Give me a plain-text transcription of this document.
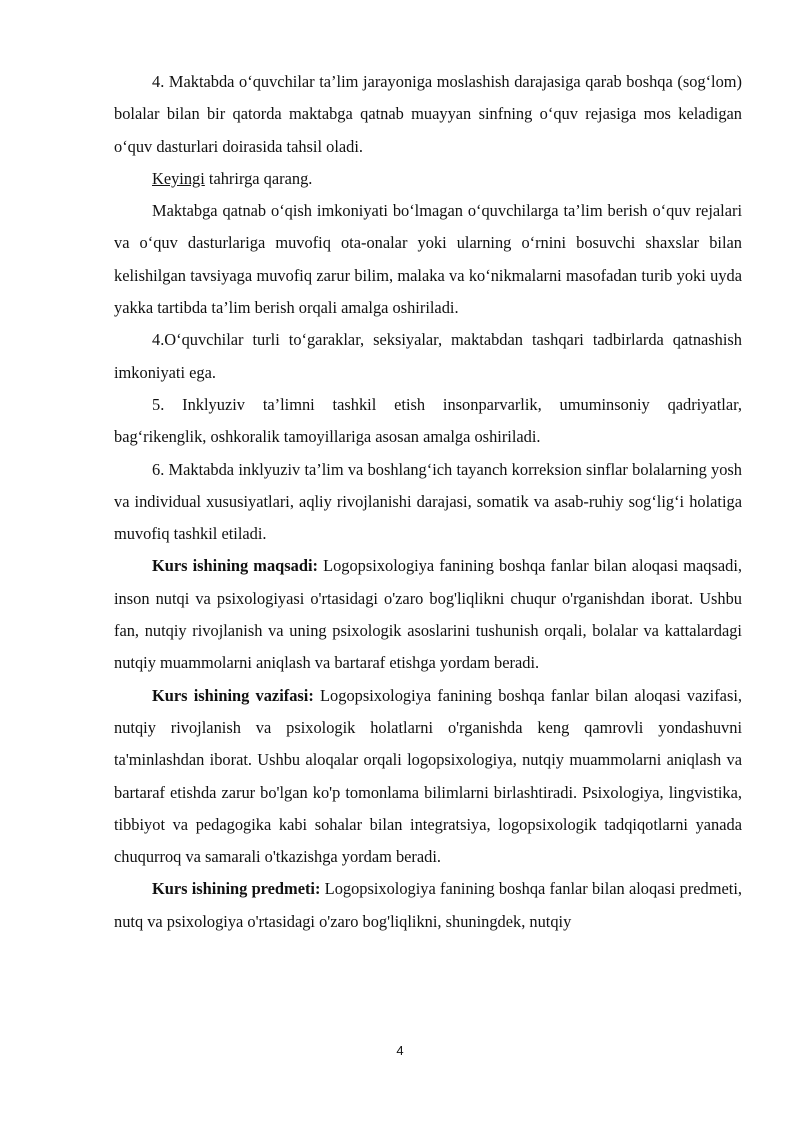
4. Maktabda o‘quvchilar ta’lim jarayoniga moslashish darajasiga qarab boshqa (sog‘lom) bolalar bilan bir qatorda maktabga qatnab muayyan sinfning o‘quv rejasiga mos keladigan o‘quv dasturlari doirasida tahsil oladi.

Keyingi tahrirga qarang.

Maktabga qatnab o‘qish imkoniyati bo‘lmagan o‘quvchilarga ta’lim berish o‘quv rejalari va o‘quv dasturlariga muvofiq ota-onalar yoki ularning o‘rnini bosuvchi shaxslar bilan kelishilgan tavsiyaga muvofiq zarur bilim, malaka va ko‘nikmalarni masofadan turib yoki uyda yakka tartibda ta’lim berish orqali amalga oshiriladi.

4.O‘quvchilar turli to‘garaklar, seksiyalar, maktabdan tashqari tadbirlarda qatnashish imkoniyati ega.

5. Inklyuziv ta’limni tashkil etish insonparvarlik, umuminsoniy qadriyatlar, bag‘rikenglik, oshkoralik tamoyillariga asosan amalga oshiriladi.

6. Maktabda inklyuziv ta’lim va boshlang‘ich tayanch korreksion sinflar bolalarning yosh va individual xususiyatlari, aqliy rivojlanishi darajasi, somatik va asab-ruhiy sog‘lig‘i holatiga muvofiq tashkil etiladi.

Kurs ishining maqsadi: Logopsixologiya fanining boshqa fanlar bilan aloqasi maqsadi, inson nutqi va psixologiyasi o'rtasidagi o'zaro bog'liqlikni chuqur o'rganishdan iborat. Ushbu fan, nutqiy rivojlanish va uning psixologik asoslarini tushunish orqali, bolalar va kattalardagi nutqiy muammolarni aniqlash va bartaraf etishga yordam beradi.

Kurs ishining vazifasi: Logopsixologiya fanining boshqa fanlar bilan aloqasi vazifasi, nutqiy rivojlanish va psixologik holatlarni o'rganishda keng qamrovli yondashuvni ta'minlashdan iborat. Ushbu aloqalar orqali logopsixologiya, nutqiy muammolarni aniqlash va bartaraf etishda zarur bo'lgan ko'p tomonlama bilimlarni birlashtiradi. Psixologiya, lingvistika, tibbiyot va pedagogika kabi sohalar bilan integratsiya, logopsixologik tadqiqotlarni yanada chuqurroq va samarali o'tkazishga yordam beradi.

Kurs ishining predmeti: Logopsixologiya fanining boshqa fanlar bilan aloqasi predmeti, nutq va psixologiya o'rtasidagi o'zaro bog'liqlikni, shuningdek, nutqiy

4
